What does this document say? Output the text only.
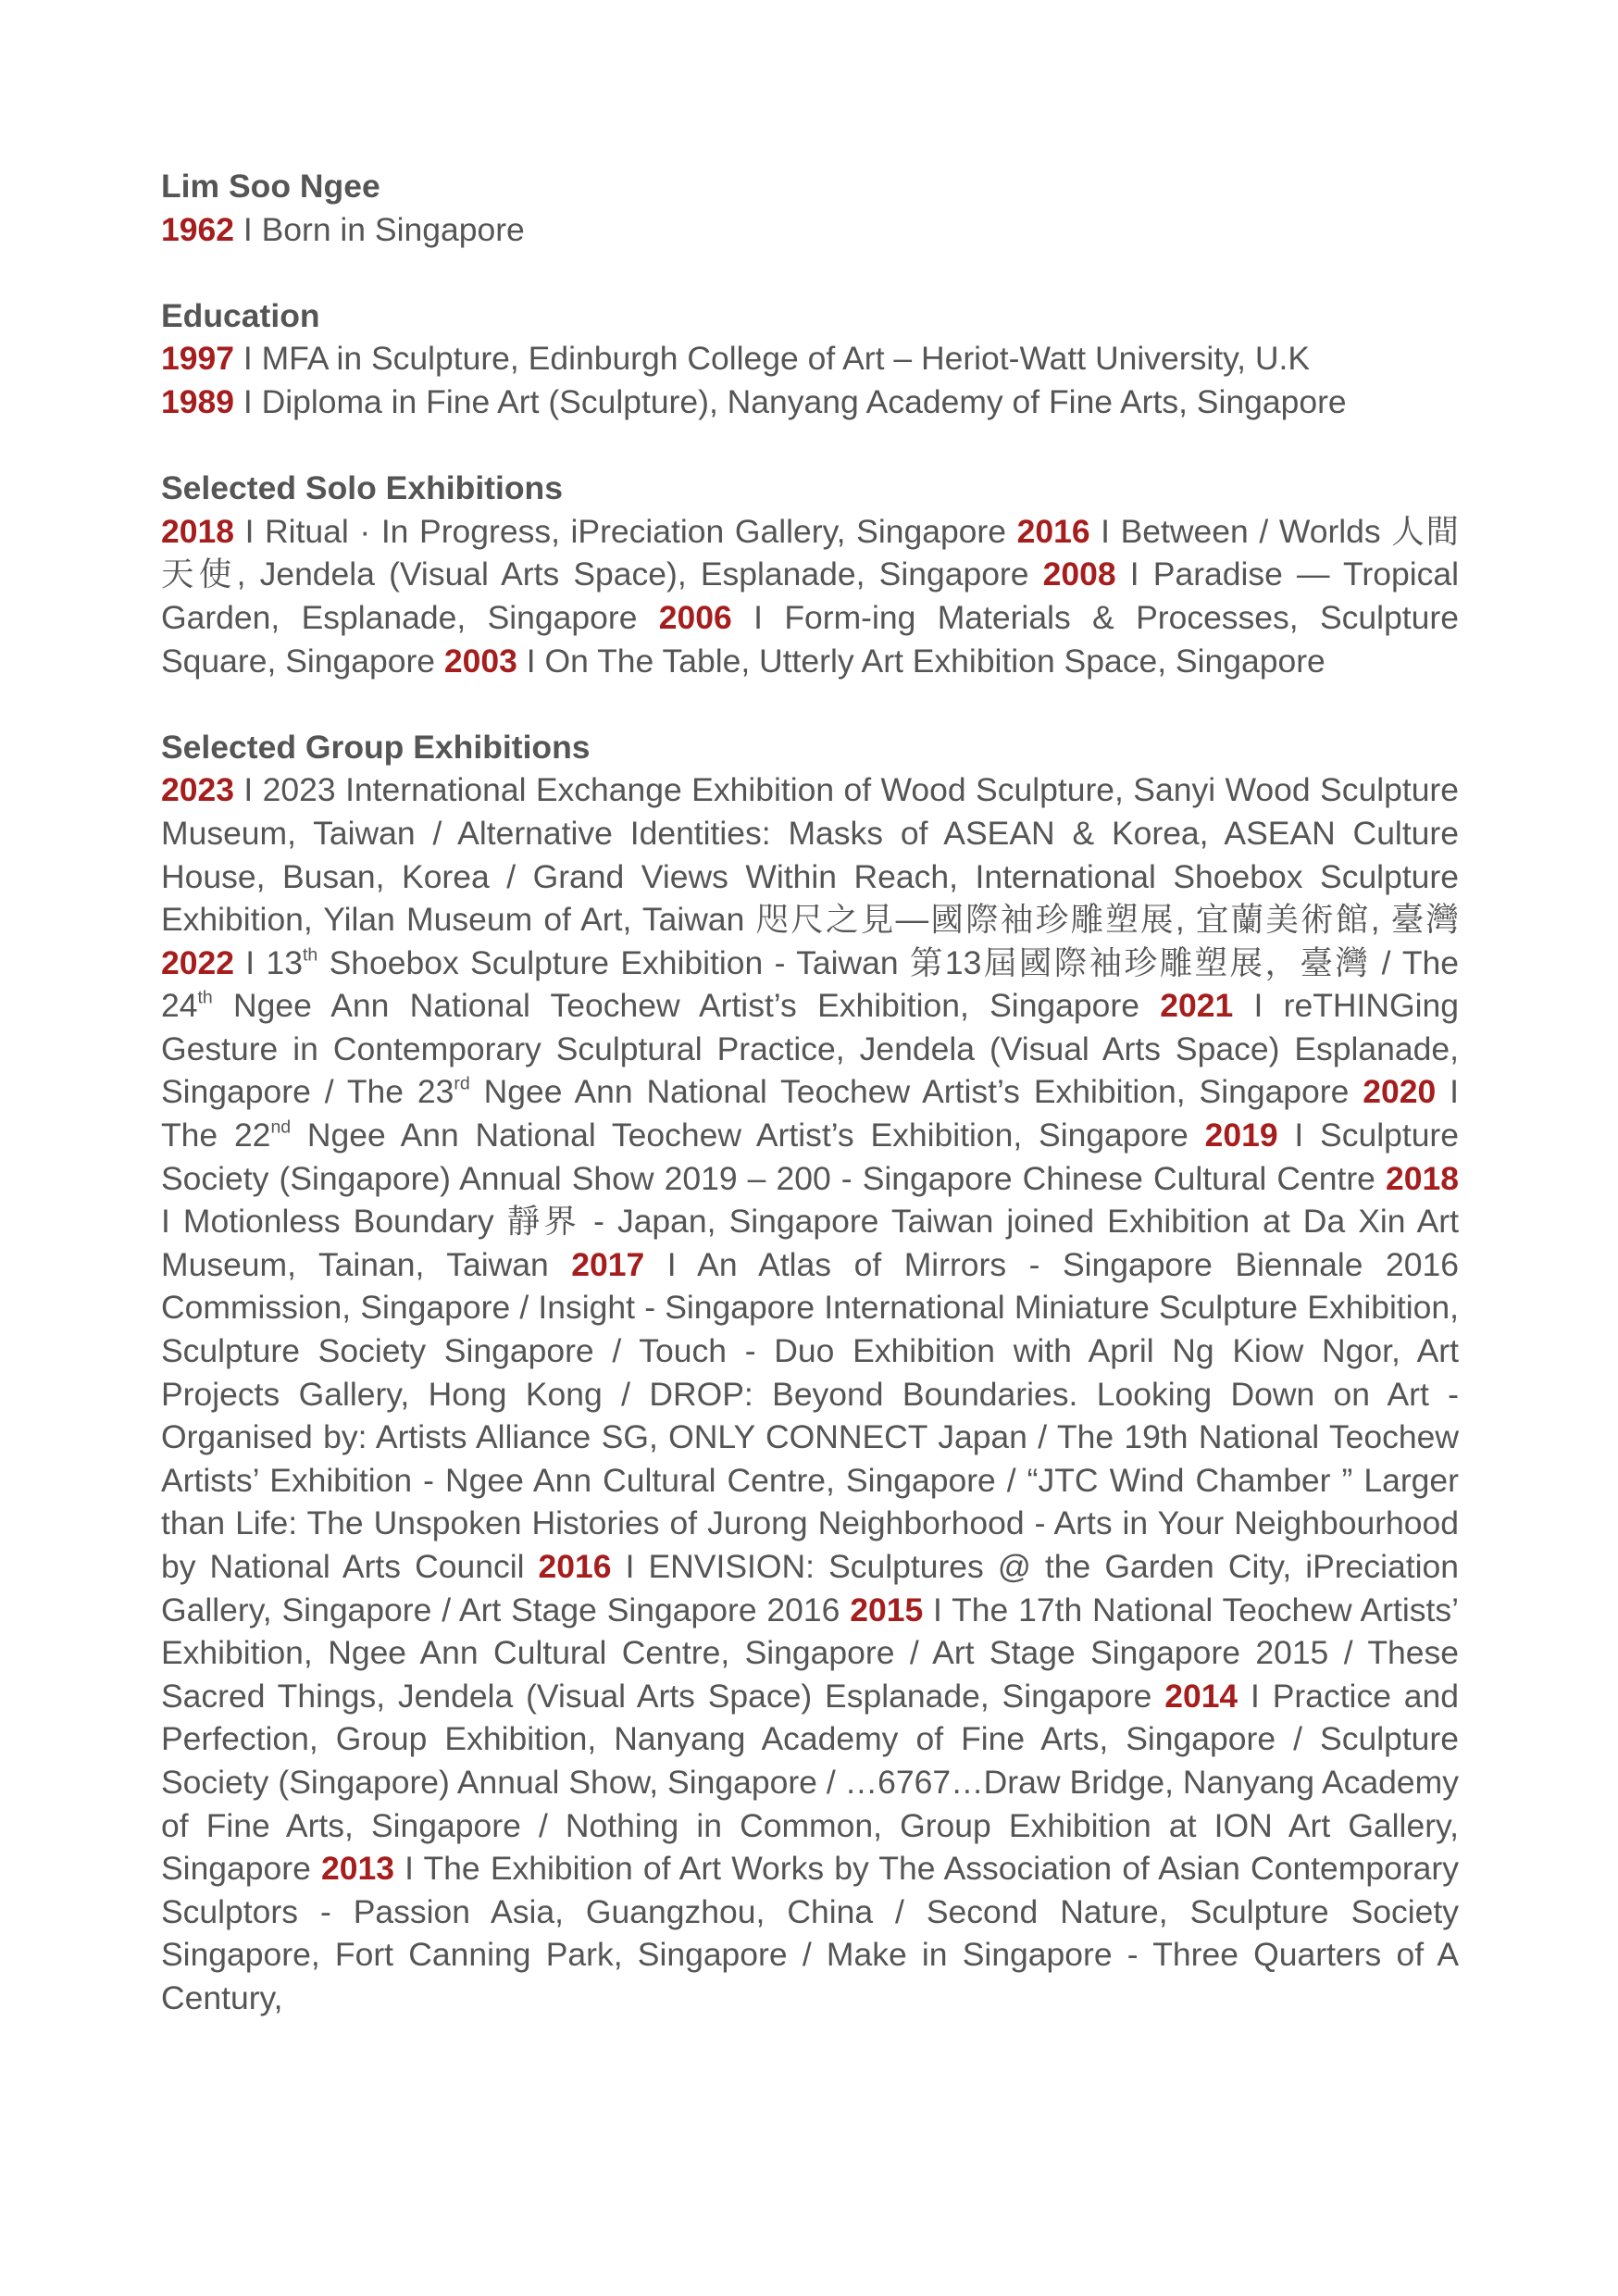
Lim Soo Ngee
1962 I Born in Singapore
Education
1997 I MFA in Sculpture, Edinburgh College of Art – Heriot-Watt University, U.K
1989 I Diploma in Fine Art (Sculpture), Nanyang Academy of Fine Arts, Singapore
Selected Solo Exhibitions
2018 I Ritual · In Progress, iPreciation Gallery, Singapore 2016 I Between / Worlds 人間天使, Jendela (Visual Arts Space), Esplanade, Singapore 2008 I Paradise — Tropical Garden, Esplanade, Singapore 2006 I Form-ing Materials & Processes, Sculpture Square, Singapore 2003 I On The Table, Utterly Art Exhibition Space, Singapore
Selected Group Exhibitions
2023 I 2023 International Exchange Exhibition of Wood Sculpture, Sanyi Wood Sculpture Museum, Taiwan / Alternative Identities: Masks of ASEAN & Korea, ASEAN Culture House, Busan, Korea / Grand Views Within Reach, International Shoebox Sculpture Exhibition, Yilan Museum of Art, Taiwan 咫尺之見—國際袖珍雕塑展, 宜蘭美術館, 臺灣 2022 I 13th Shoebox Sculpture Exhibition - Taiwan 第13屆國際袖珍雕塑展，臺灣 / The 24th Ngee Ann National Teochew Artist’s Exhibition, Singapore 2021 I reTHINGing Gesture in Contemporary Sculptural Practice, Jendela (Visual Arts Space) Esplanade, Singapore / The 23rd Ngee Ann National Teochew Artist’s Exhibition, Singapore 2020 I The 22nd Ngee Ann National Teochew Artist’s Exhibition, Singapore 2019 I Sculpture Society (Singapore) Annual Show 2019 – 200 - Singapore Chinese Cultural Centre 2018 I Motionless Boundary 靜界 - Japan, Singapore Taiwan joined Exhibition at Da Xin Art Museum, Tainan, Taiwan 2017 I An Atlas of Mirrors - Singapore Biennale 2016 Commission, Singapore / Insight - Singapore International Miniature Sculpture Exhibition, Sculpture Society Singapore / Touch - Duo Exhibition with April Ng Kiow Ngor, Art Projects Gallery, Hong Kong / DROP: Beyond Boundaries. Looking Down on Art - Organised by: Artists Alliance SG, ONLY CONNECT Japan / The 19th National Teochew Artists’ Exhibition - Ngee Ann Cultural Centre, Singapore / “JTC Wind Chamber ” Larger than Life: The Unspoken Histories of Jurong Neighborhood - Arts in Your Neighbourhood by National Arts Council 2016 I ENVISION: Sculptures @ the Garden City, iPreciation Gallery, Singapore / Art Stage Singapore 2016 2015 I The 17th National Teochew Artists’ Exhibition, Ngee Ann Cultural Centre, Singapore / Art Stage Singapore 2015 / These Sacred Things, Jendela (Visual Arts Space) Esplanade, Singapore 2014 I Practice and Perfection, Group Exhibition, Nanyang Academy of Fine Arts, Singapore / Sculpture Society (Singapore) Annual Show, Singapore / …6767…Draw Bridge, Nanyang Academy of Fine Arts, Singapore / Nothing in Common, Group Exhibition at ION Art Gallery, Singapore 2013 I The Exhibition of Art Works by The Association of Asian Contemporary Sculptors - Passion Asia, Guangzhou, China / Second Nature, Sculpture Society Singapore, Fort Canning Park, Singapore / Make in Singapore - Three Quarters of A Century,
